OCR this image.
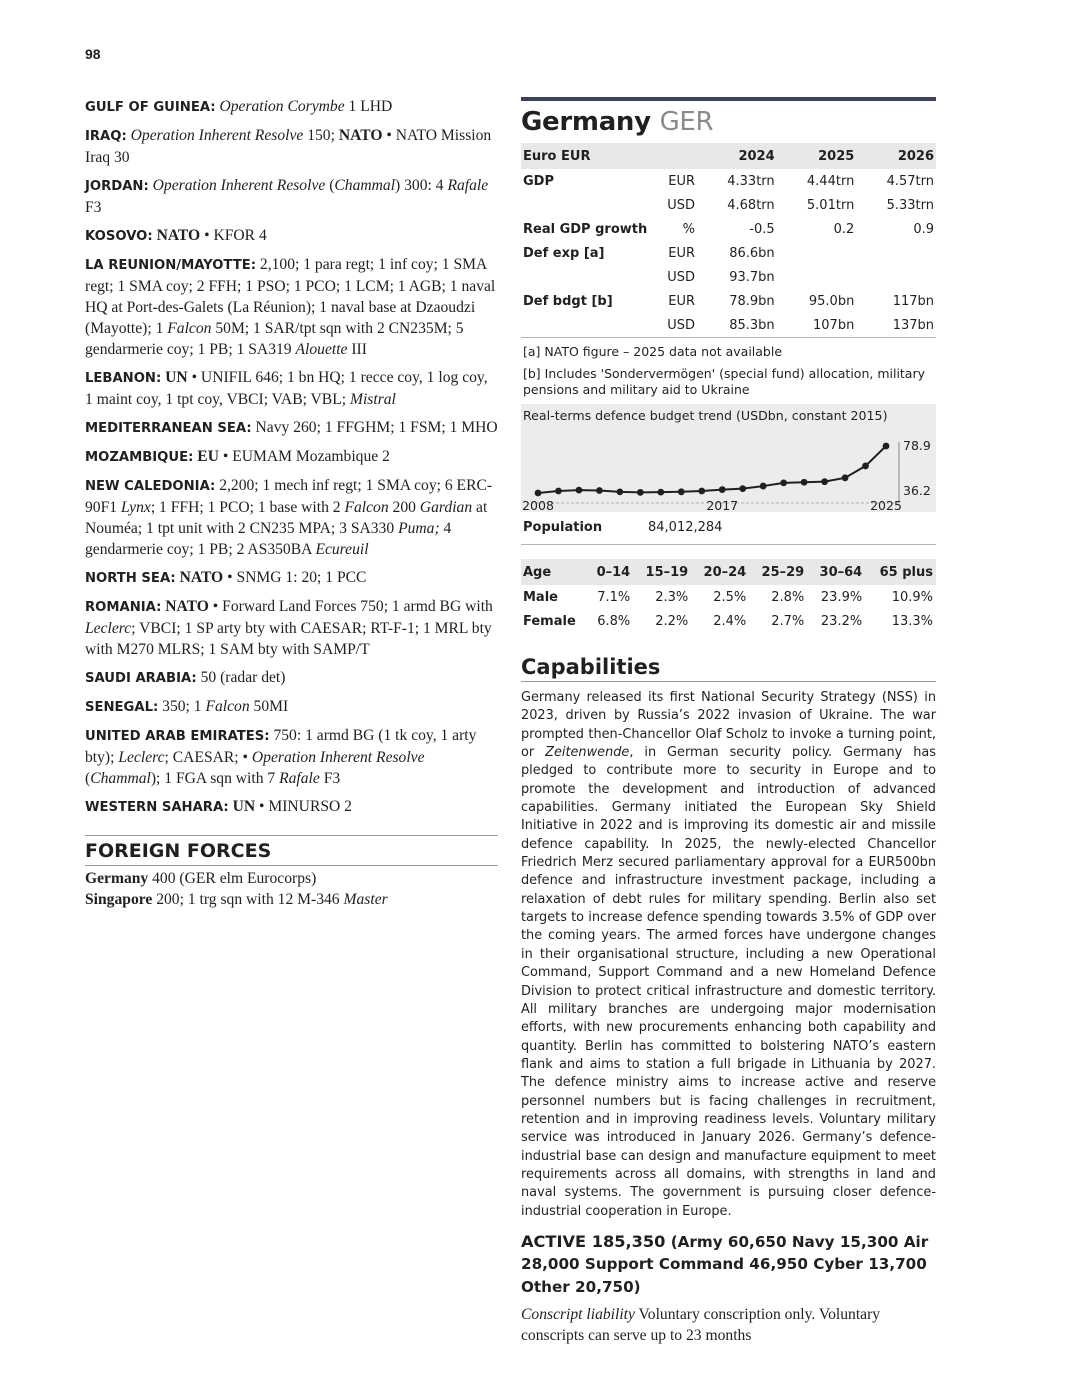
98

GULF OF GUINEA: Operation Corymbe 1 LHD

IRAQ: Operation Inherent Resolve 150; NATO • NATO Mission Iraq 30

JORDAN: Operation Inherent Resolve (Chammal) 300: 4 Rafale F3

KOSOVO: NATO • KFOR 4

LA REUNION/MAYOTTE: 2,100; 1 para regt; 1 inf coy; 1 SMA regt; 1 SMA coy; 2 FFH; 1 PSO; 1 PCO; 1 LCM; 1 AGB; 1 naval HQ at Port-des-Galets (La Réunion); 1 naval base at Dzaoudzi (Mayotte); 1 Falcon 50M; 1 SAR/tpt sqn with 2 CN235M; 5 gendarmerie coy; 1 PB; 1 SA319 Alouette III

LEBANON: UN • UNIFIL 646; 1 bn HQ; 1 recce coy, 1 log coy, 1 maint coy, 1 tpt coy, VBCI; VAB; VBL; Mistral

MEDITERRANEAN SEA: Navy 260; 1 FFGHM; 1 FSM; 1 MHO

MOZAMBIQUE: EU • EUMAM Mozambique 2

NEW CALEDONIA: 2,200; 1 mech inf regt; 1 SMA coy; 6 ERC-90F1 Lynx; 1 FFH; 1 PCO; 1 base with 2 Falcon 200 Gardian at Nouméa; 1 tpt unit with 2 CN235 MPA; 3 SA330 Puma; 4 gendarmerie coy; 1 PB; 2 AS350BA Ecureuil

NORTH SEA: NATO • SNMG 1: 20; 1 PCC

ROMANIA: NATO • Forward Land Forces 750; 1 armd BG with Leclerc; VBCI; 1 SP arty bty with CAESAR; RT-F-1; 1 MRL bty with M270 MLRS; 1 SAM bty with SAMP/T

SAUDI ARABIA: 50 (radar det)

SENEGAL: 350; 1 Falcon 50MI

UNITED ARAB EMIRATES: 750: 1 armd BG (1 tk coy, 1 arty bty); Leclerc; CAESAR; • Operation Inherent Resolve (Chammal); 1 FGA sqn with 7 Rafale F3

WESTERN SAHARA: UN • MINURSO 2

FOREIGN FORCES

Germany 400 (GER elm Eurocorps)

Singapore 200; 1 trg sqn with 12 M-346 Master

Germany GER
Euro EUR		2024	2025	2026
GDP	EUR	4.33trn	4.44trn	4.57trn
	USD	4.68trn	5.01trn	5.33trn
Real GDP growth	%	-0.5	0.2	0.9
Def exp [a]	EUR	86.6bn		
	USD	93.7bn		
Def bdgt [b]	EUR	78.9bn	95.0bn	117bn
	USD	85.3bn	107bn	137bn
[a] NATO figure – 2025 data not available
[b] Includes 'Sondervermögen' (special fund) allocation, military pensions and military aid to Ukraine
Real-terms defence budget trend (USDbn, constant 2015)
78.9
36.2
2008	2017	2025
Population	84,012,284
Age	0–14	15–19	20–24	25–29	30–64	65 plus
Male	7.1%	2.3%	2.5%	2.8%	23.9%	10.9%
Female	6.8%	2.2%	2.4%	2.7%	23.2%	13.3%
Capabilities

Germany released its first National Security Strategy (NSS) in 2023, driven by Russia’s 2022 invasion of Ukraine. The war prompted then-Chancellor Olaf Scholz to invoke a turning point, or Zeitenwende, in German security policy. Germany has pledged to contribute more to security in Europe and to promote the development and introduction of advanced capabilities. Germany initiated the European Sky Shield Initiative in 2022 and is improving its domestic air and missile defence capability. In 2025, the newly-elected Chancellor Friedrich Merz secured parliamentary approval for a EUR500bn defence and infrastructure investment package, including a relaxation of debt rules for military spending. Berlin also set targets to increase defence spending towards 3.5% of GDP over the coming years. The armed forces have undergone changes in their organisational structure, including a new Operational Command, Support Command and a new Homeland Defence Division to protect critical infrastructure and domestic territory. All military branches are undergoing major modernisation efforts, with new procurements enhancing both capability and quantity. Berlin has committed to bolstering NATO’s eastern flank and aims to station a full brigade in Lithuania by 2027. The defence ministry aims to increase active and reserve personnel numbers but is facing challenges in recruitment, retention and in improving readiness levels. Voluntary military service was introduced in January 2026. Germany’s defence-industrial base can design and manufacture equipment to meet requirements across all domains, with strengths in land and naval systems. The government is pursuing closer defence-industrial cooperation in Europe.

ACTIVE 185,350 (Army 60,650 Navy 15,300 Air 28,000 Support Command 46,950 Cyber 13,700 Other 20,750)
Conscript liability Voluntary conscription only. Voluntary conscripts can serve up to 23 months
